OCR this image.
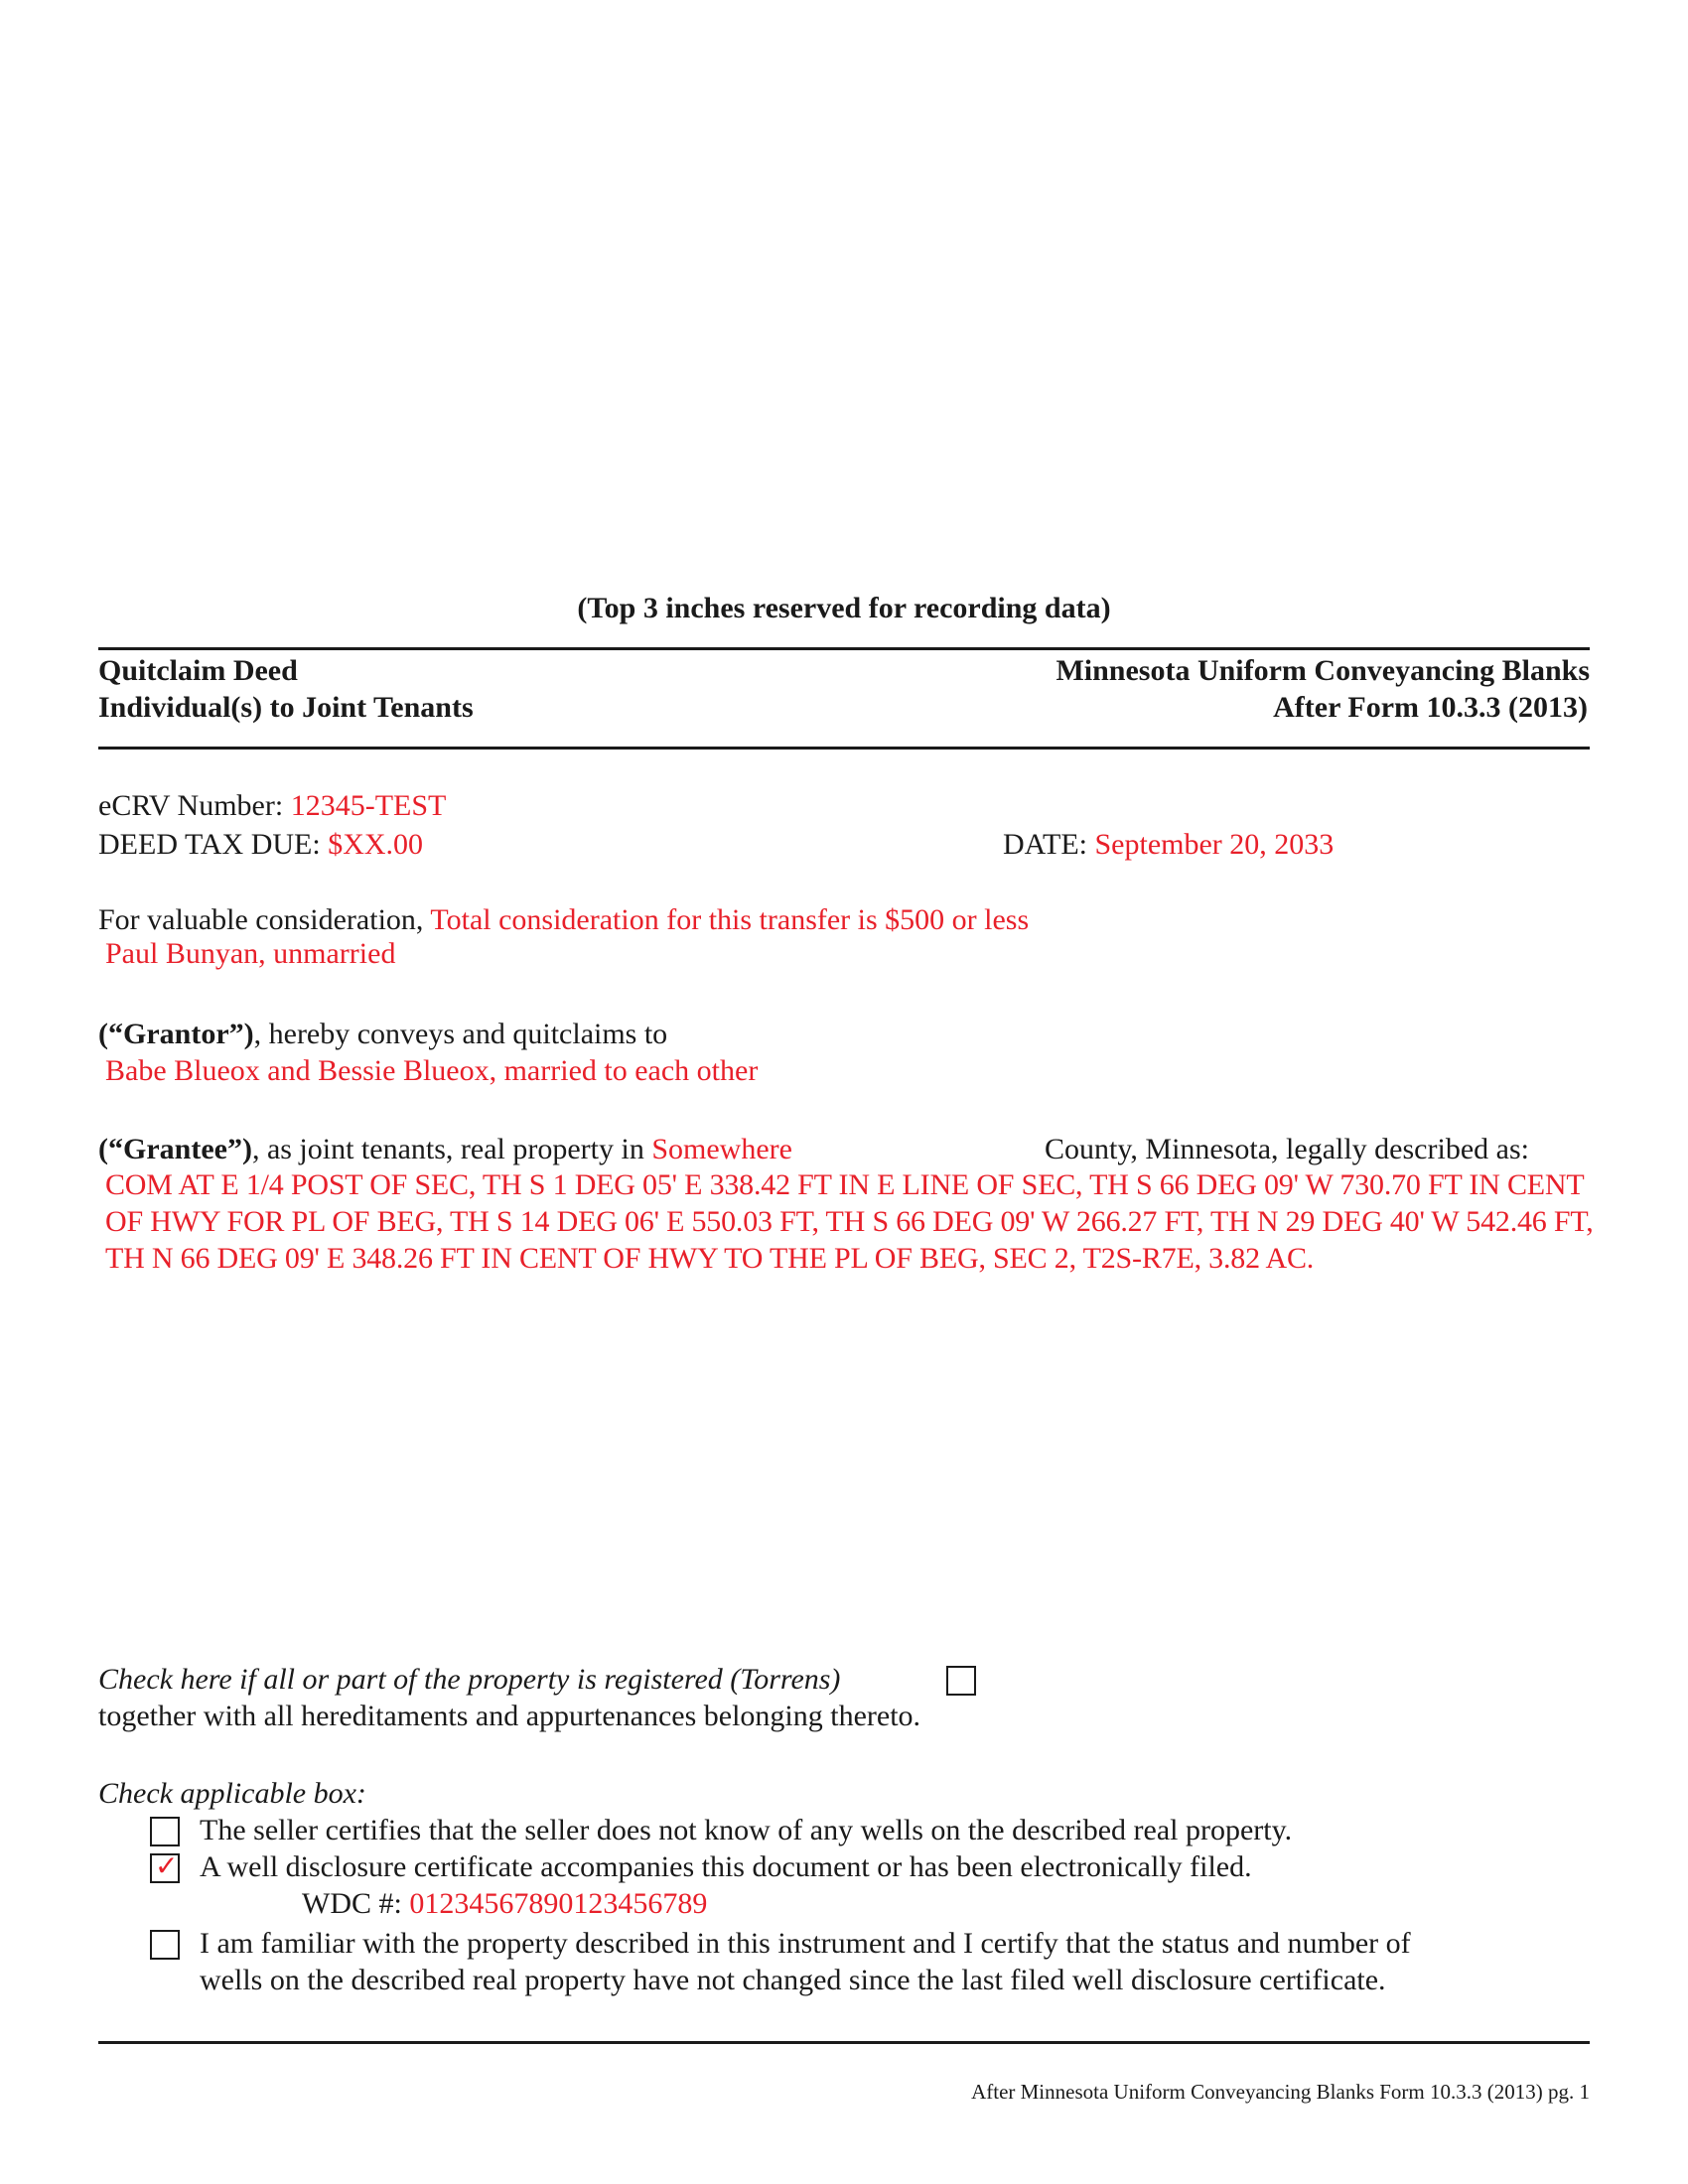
(Top 3 inches reserved for recording data)
Quitclaim Deed
Individual(s) to Joint Tenants
Minnesota Uniform Conveyancing Blanks
After Form 10.3.3 (2013)
eCRV Number: 12345-TEST
DEED TAX DUE: $XX.00	DATE: September 20, 2033
For valuable consideration, Total consideration for this transfer is $500 or less
Paul Bunyan, unmarried
(“Grantor”), hereby conveys and quitclaims to
Babe Blueox and Bessie Blueox, married to each other
(“Grantee”), as joint tenants, real property in Somewhere	County, Minnesota, legally described as:
COM AT E 1/4 POST OF SEC, TH S 1 DEG 05' E 338.42 FT IN E LINE OF SEC, TH S 66 DEG 09' W 730.70 FT IN CENT OF HWY FOR PL OF BEG, TH S 14 DEG 06' E 550.03 FT, TH S 66 DEG 09' W 266.27 FT, TH N 29 DEG 40' W 542.46 FT, TH N 66 DEG 09' E 348.26 FT IN CENT OF HWY TO THE PL OF BEG, SEC 2, T2S-R7E, 3.82 AC.
Check here if all or part of the property is registered (Torrens)
together with all hereditaments and appurtenances belonging thereto.
Check applicable box:
The seller certifies that the seller does not know of any wells on the described real property.
✓ A well disclosure certificate accompanies this document or has been electronically filed.
WDC #: 01234567890123456789
I am familiar with the property described in this instrument and I certify that the status and number of
wells on the described real property have not changed since the last filed well disclosure certificate.
After Minnesota Uniform Conveyancing Blanks Form 10.3.3 (2013) pg. 1
